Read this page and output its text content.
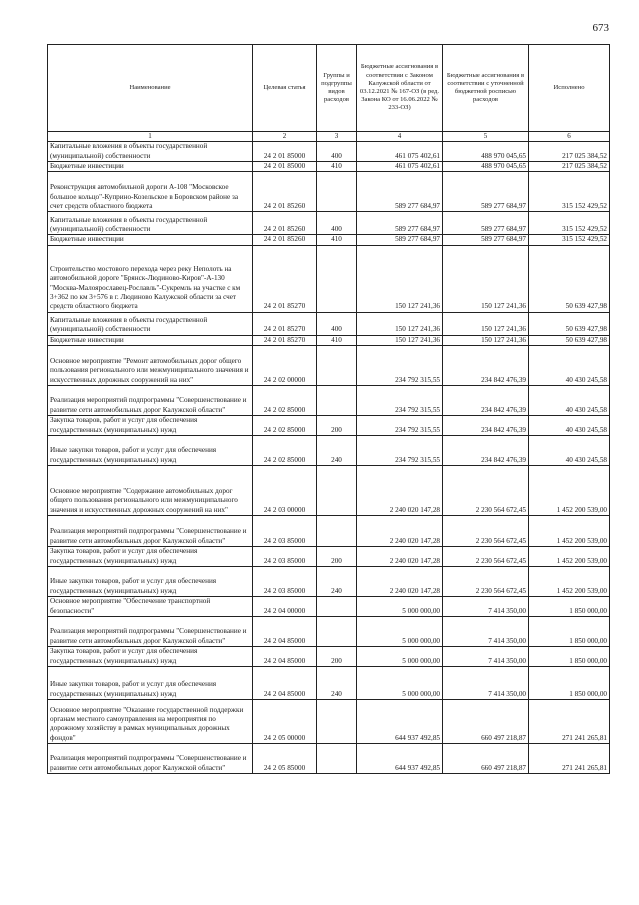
673
Наименование	Целевая статья	Группы и подгруппы видов расходов	Бюджетные ассигнования в соответствии с Законом Калужской области от 03.12.2021 № 167-ОЗ (в ред. Закона КО от 16.06.2022 № 233-ОЗ)	Бюджетные ассигнования в соответствии с уточненной бюджетной росписью расходов	Исполнено
1	2	3	4	5	6
Капитальные вложения в объекты государственной (муниципальной) собственности	24 2 01 85000	400	461 075 402,61	488 970 045,65	217 025 384,52
Бюджетные инвестиции	24 2 01 85000	410	461 075 402,61	488 970 045,65	217 025 384,52
Реконструкция автомобильной дороги А-108 "Московское большое кольцо"-Куприно-Козельское в Боровском районе за счет средств областного бюджета	24 2 01 85260		589 277 684,97	589 277 684,97	315 152 429,52
Капитальные вложения в объекты государственной (муниципальной) собственности	24 2 01 85260	400	589 277 684,97	589 277 684,97	315 152 429,52
Бюджетные инвестиции	24 2 01 85260	410	589 277 684,97	589 277 684,97	315 152 429,52
Строительство мостового перехода через реку Неполоть на автомобильной дороге "Брянск-Людиново-Киров"-А-130 "Москва-Малоярославец-Рославль"-Сукремль на участке с км 3+362 по км 3+576 в г. Людиново Калужской области за счет средств областного бюджета	24 2 01 85270		150 127 241,36	150 127 241,36	50 639 427,98
Капитальные вложения в объекты государственной (муниципальной) собственности	24 2 01 85270	400	150 127 241,36	150 127 241,36	50 639 427,98
Бюджетные инвестиции	24 2 01 85270	410	150 127 241,36	150 127 241,36	50 639 427,98
Основное мероприятие "Ремонт автомобильных дорог общего пользования регионального или межмуниципального значения и искусственных дорожных сооружений на них"	24 2 02 00000		234 792 315,55	234 842 476,39	40 430 245,58
Реализация мероприятий подпрограммы "Совершенствование и развитие сети автомобильных дорог Калужской области"	24 2 02 85000		234 792 315,55	234 842 476,39	40 430 245,58
Закупка товаров, работ и услуг для обеспечения государственных (муниципальных) нужд	24 2 02 85000	200	234 792 315,55	234 842 476,39	40 430 245,58
Иные закупки товаров, работ и услуг для обеспечения государственных (муниципальных) нужд	24 2 02 85000	240	234 792 315,55	234 842 476,39	40 430 245,58
Основное мероприятие "Содержание автомобильных дорог общего пользования регионального или межмуниципального значения и искусственных дорожных сооружений на них"	24 2 03 00000		2 240 020 147,28	2 230 564 672,45	1 452 200 539,00
Реализация мероприятий подпрограммы "Совершенствование и развитие сети автомобильных дорог Калужской области"	24 2 03 85000		2 240 020 147,28	2 230 564 672,45	1 452 200 539,00
Закупка товаров, работ и услуг для обеспечения государственных (муниципальных) нужд	24 2 03 85000	200	2 240 020 147,28	2 230 564 672,45	1 452 200 539,00
Иные закупки товаров, работ и услуг для обеспечения государственных (муниципальных) нужд	24 2 03 85000	240	2 240 020 147,28	2 230 564 672,45	1 452 200 539,00
Основное мероприятие "Обеспечение транспортной безопасности"	24 2 04 00000		5 000 000,00	7 414 350,00	1 850 000,00
Реализация мероприятий подпрограммы "Совершенствование и развитие сети автомобильных дорог Калужской области"	24 2 04 85000		5 000 000,00	7 414 350,00	1 850 000,00
Закупка товаров, работ и услуг для обеспечения государственных (муниципальных) нужд	24 2 04 85000	200	5 000 000,00	7 414 350,00	1 850 000,00
Иные закупки товаров, работ и услуг для обеспечения государственных (муниципальных) нужд	24 2 04 85000	240	5 000 000,00	7 414 350,00	1 850 000,00
Основное мероприятие "Оказание государственной поддержки органам местного самоуправления на мероприятия по дорожному хозяйству в рамках муниципальных дорожных фондов"	24 2 05 00000		644 937 492,85	660 497 218,87	271 241 265,81
Реализация мероприятий подпрограммы "Совершенствование и развитие сети автомобильных дорог Калужской области"	24 2 05 85000		644 937 492,85	660 497 218,87	271 241 265,81
